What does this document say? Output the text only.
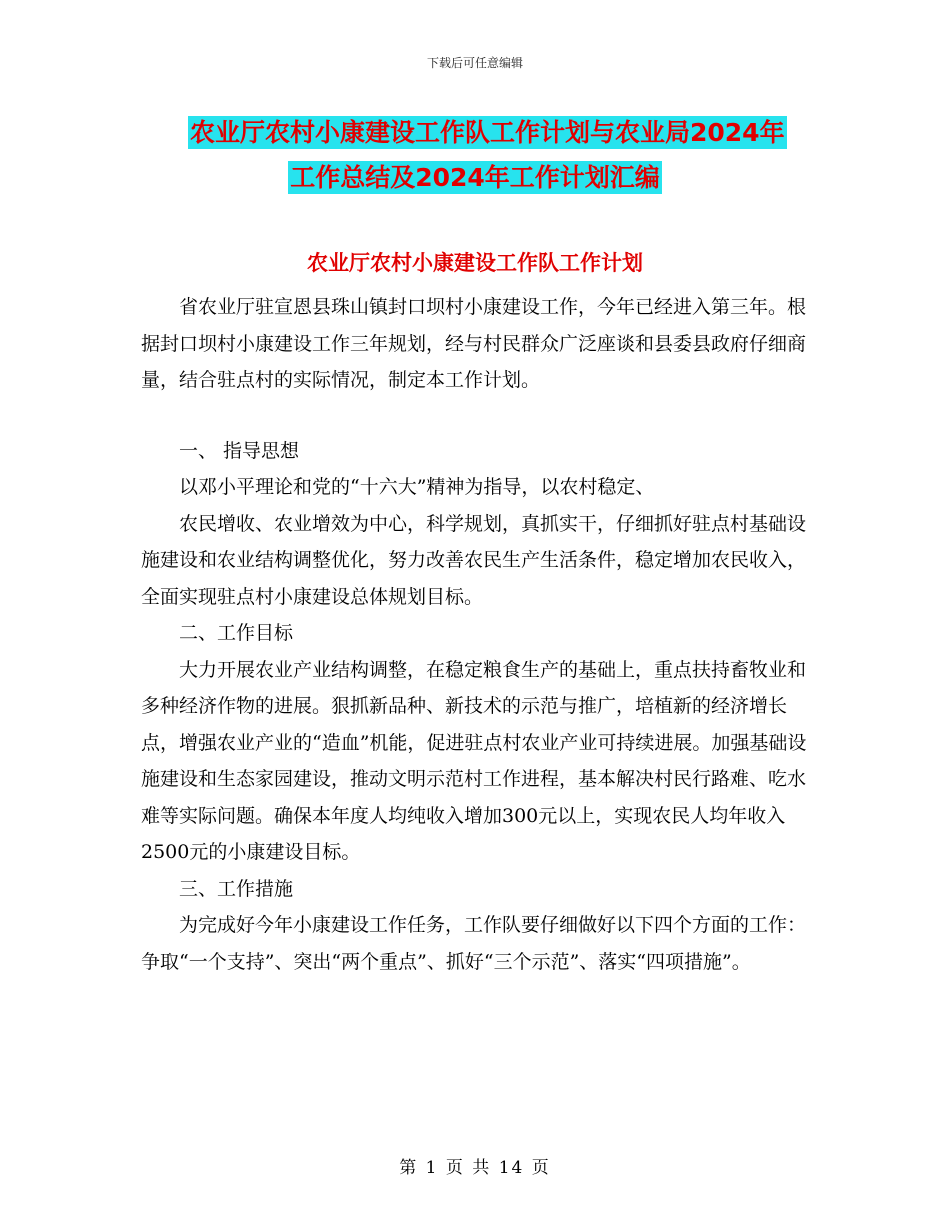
下载后可任意编辑
农业厅农村小康建设工作队工作计划与农业局2024年
工作总结及2024年工作计划汇编
农业厅农村小康建设工作队工作计划

省农业厅驻宣恩县珠山镇封口坝村小康建设工作，今年已经进入第三年。根据封口坝村小康建设工作三年规划，经与村民群众广泛座谈和县委县政府仔细商量，结合驻点村的实际情况，制定本工作计划。

一、 指导思想

以邓小平理论和党的“十六大”精神为指导，以农村稳定、

农民增收、农业增效为中心，科学规划，真抓实干，仔细抓好驻点村基础设施建设和农业结构调整优化，努力改善农民生产生活条件，稳定增加农民收入，全面实现驻点村小康建设总体规划目标。

二、工作目标

大力开展农业产业结构调整，在稳定粮食生产的基础上，重点扶持畜牧业和多种经济作物的进展。狠抓新品种、新技术的示范与推广，培植新的经济增长点，增强农业产业的“造血”机能，促进驻点村农业产业可持续进展。加强基础设施建设和生态家园建设，推动文明示范村工作进程，基本解决村民行路难、吃水难等实际问题。确保本年度人均纯收入增加300元以上，实现农民人均年收入2500元的小康建设目标。

三、工作措施

为完成好今年小康建设工作任务，工作队要仔细做好以下四个方面的工作：争取“一个支持”、突出“两个重点”、抓好“三个示范”、落实“四项措施”。

第 1 页 共 14 页
